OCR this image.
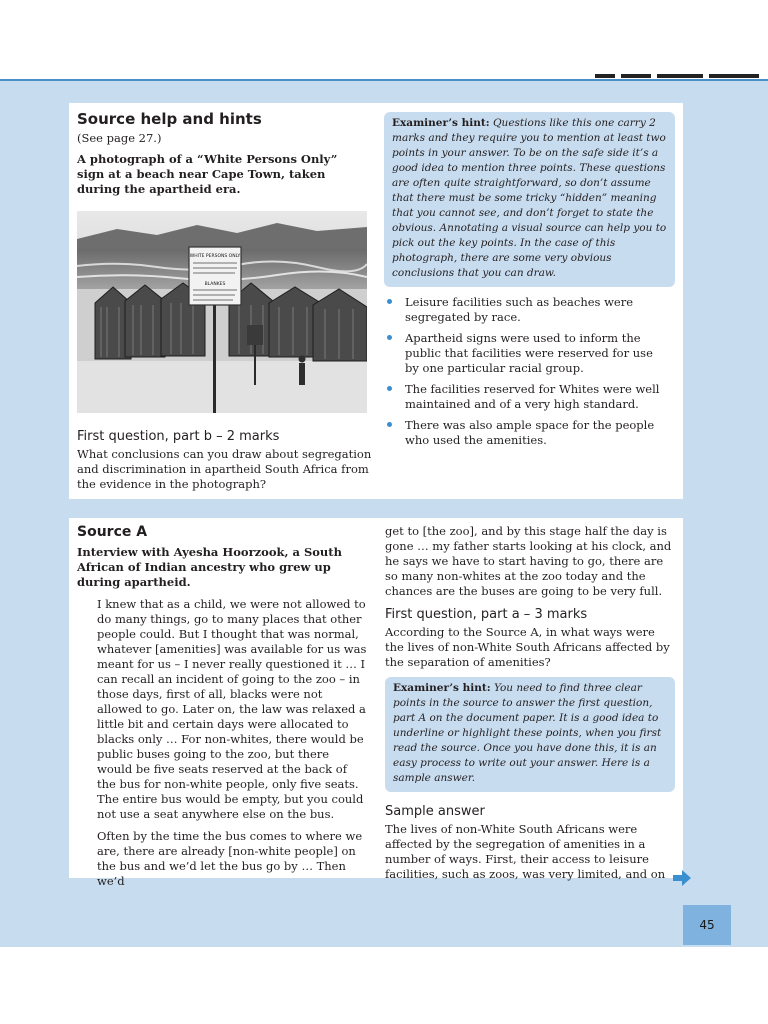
Source help and hints

(See page 27.)

A photograph of a “White Persons Only” sign at a beach near Cape Town, taken during the apartheid era.

WHITE PERSONS ONLY
BLANKES
First question, part b – 2 marks

What conclusions can you draw about segregation and discrimination in apartheid South Africa from the evidence in the photograph?

Examiner’s hint: Questions like this one carry 2 marks and they require you to mention at least two points in your answer. To be on the safe side it’s a good idea to mention three points. These questions are often quite straightforward, so don’t assume that there must be some tricky “hidden” meaning that you cannot see, and don’t forget to state the obvious. Annotating a visual source can help you to pick out the key points. In the case of this photograph, there are some very obvious conclusions that you can draw.
Leisure facilities such as beaches were segregated by race.
Apartheid signs were used to inform the public that facilities were reserved for use by one particular racial group.
The facilities reserved for Whites were well maintained and of a very high standard.
There was also ample space for the people who used the amenities.
Source A

Interview with Ayesha Hoorzook, a South African of Indian ancestry who grew up during apartheid.

I knew that as a child, we were not allowed to do many things, go to many places that other people could. But I thought that was normal, whatever [amenities] was available for us was meant for us – I never really questioned it … I can recall an incident of going to the zoo – in those days, first of all, blacks were not allowed to go. Later on, the law was relaxed a little bit and certain days were allocated to blacks only … For non-whites, there would be public buses going to the zoo, but there would be five seats reserved at the back of the bus for non-white people, only five seats. The entire bus would be empty, but you could not use a seat anywhere else on the bus.

Often by the time the bus comes to where we are, there are already [non-white people] on the bus and we’d let the bus go by … Then we’d

get to [the zoo], and by this stage half the day is gone … my father starts looking at his clock, and he says we have to start having to go, there are so many non-whites at the zoo today and the chances are the buses are going to be very full.

First question, part a – 3 marks

According to the Source A, in what ways were the lives of non-White South Africans affected by the separation of amenities?

Examiner’s hint: You need to find three clear points in the source to answer the first question, part A on the document paper. It is a good idea to underline or highlight these points, when you first read the source. Once you have done this, it is an easy process to write out your answer. Here is a sample answer.
Sample answer

The lives of non-White South Africans were affected by the segregation of amenities in a number of ways. First, their access to leisure facilities, such as zoos, was very limited, and on

45
